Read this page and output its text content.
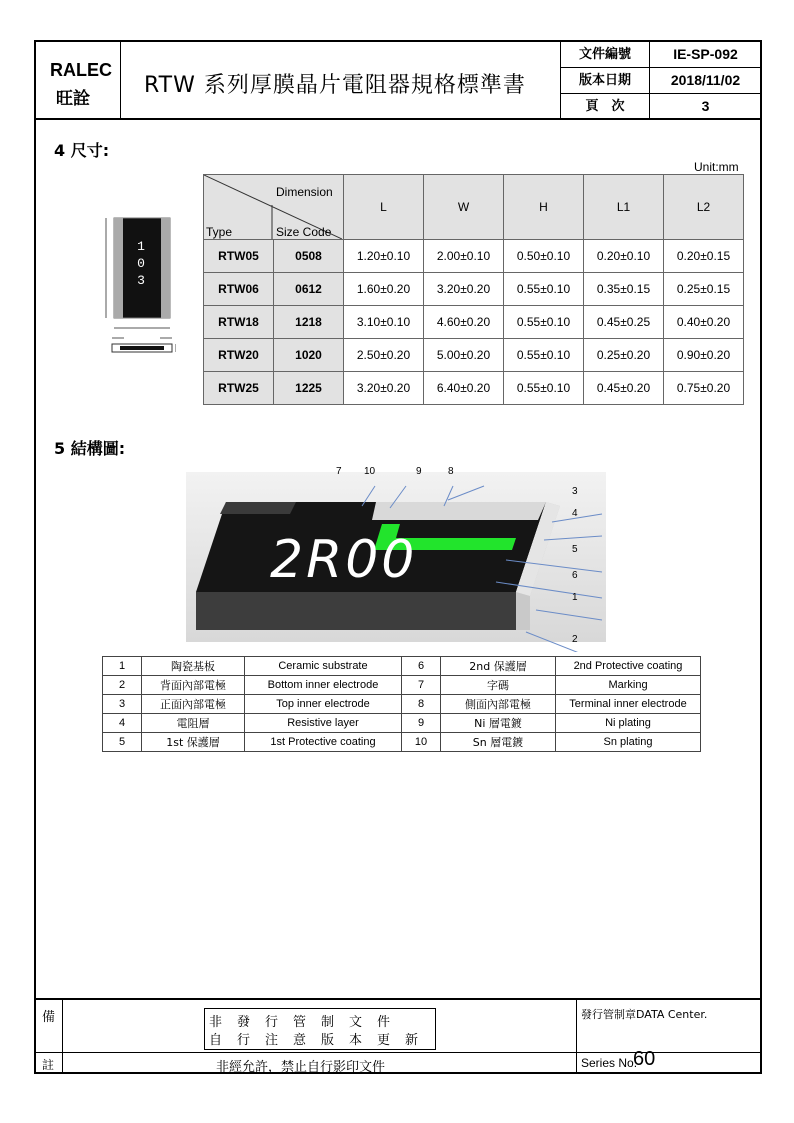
RALEC
旺詮
RTW 系列厚膜晶片電阻器規格標準書
文件編號	IE-SP-092
版本日期	2018/11/02
頁　次	3
4 尺寸:
Unit:mm
103
Dimension
Type Size Code	L	W	H	L1	L2

RTW05 0508	1.20±0.10	2.00±0.10	0.50±0.10	0.20±0.10	0.20±0.15

RTW06 0612	1.60±0.20	3.20±0.20	0.55±0.10	0.35±0.15	0.25±0.15

RTW18 1218	3.10±0.10	4.60±0.20	0.55±0.10	0.45±0.25	0.40±0.20

RTW20 1020	2.50±0.20	5.00±0.20	0.55±0.10	0.25±0.20	0.90±0.20

RTW25 1225	3.20±0.20	6.40±0.20	0.55±0.10	0.45±0.20	0.75±0.20
5 結構圖:
2R00
7 10	9	8
3
4
5
6
1
2
1	陶瓷基板	Ceramic substrate	6	2nd 保護層	2nd Protective coating
2	背面內部電極	Bottom inner electrode	7	字碼	Marking
3	正面內部電極	Top inner electrode	8	側面內部電極	Terminal inner electrode
4	電阻層	Resistive layer	9	Ni 層電鍍	Ni plating
5	1st 保護層	1st Protective coating	10	Sn 層電鍍	Sn plating
備
註
非發行管制文件
自行注意版本更新
非經允許，禁止自行影印文件
發行管制章DATA Center.
Series No.
60
